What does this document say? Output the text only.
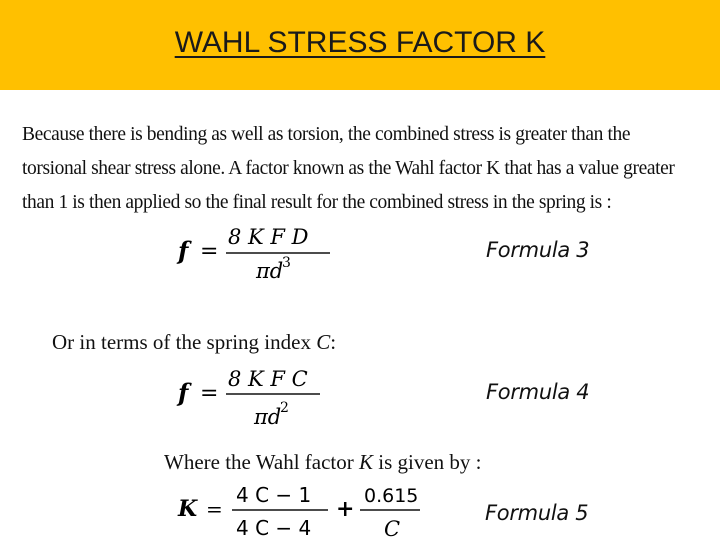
WAHL STRESS FACTOR K
Because there is bending as well as torsion, the combined stress is greater than the
torsional shear stress alone. A factor known as the Wahl factor K that has a value greater
than 1 is then applied so the final result for the combined stress in the spring is :
f =
8 K F D
πd
3
Formula 3
Or in terms of the spring index C:
f =
8 K F C
πd
2
Formula 4
Where the Wahl factor K is given by :
K =
4 C − 1
4 C − 4
+ 0.615
C
Formula 5
